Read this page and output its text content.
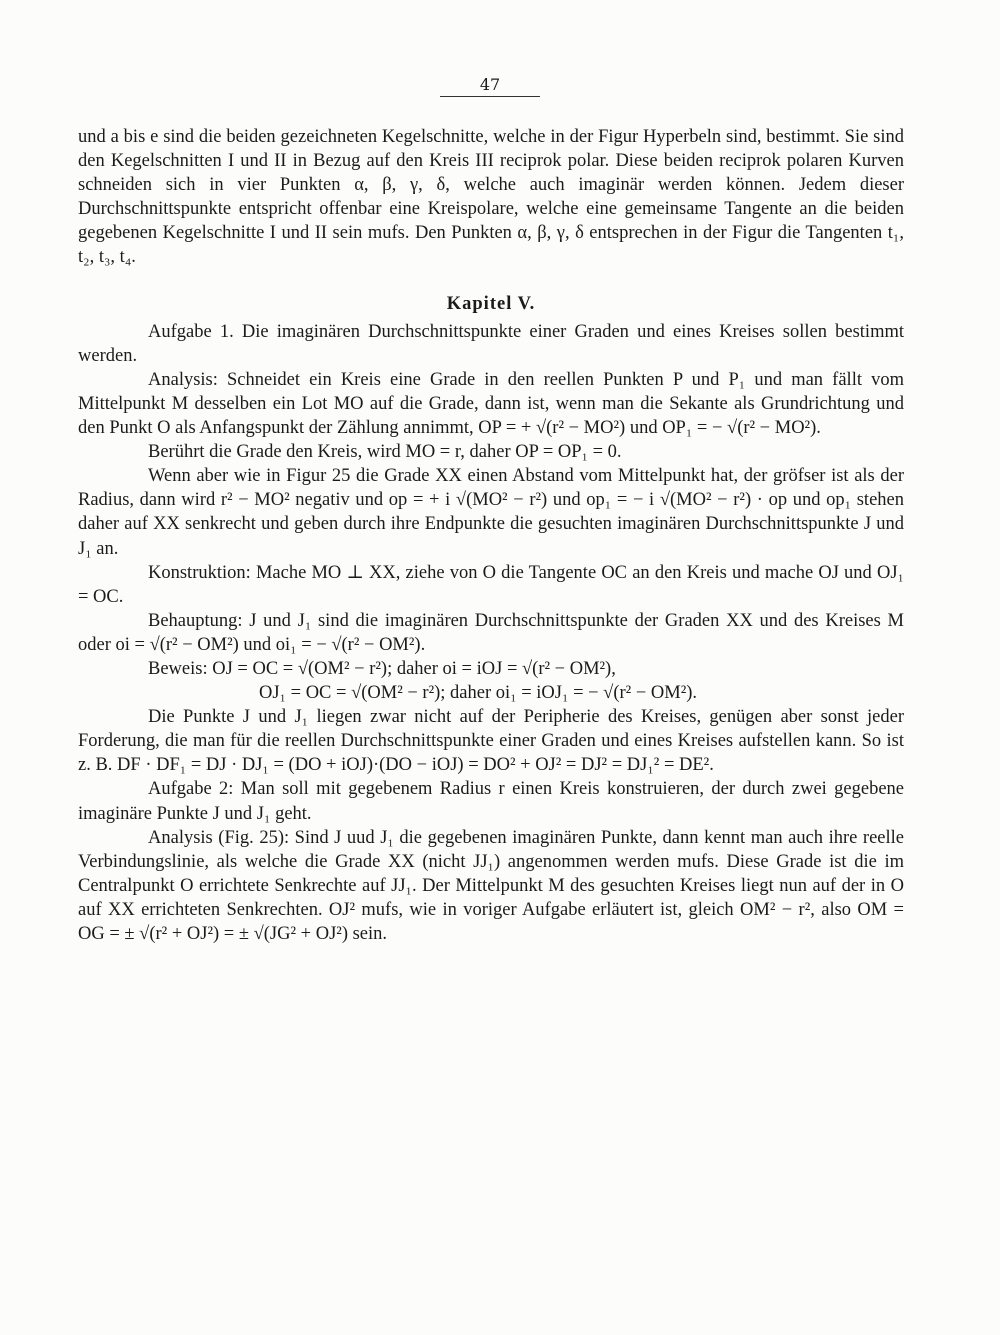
47

und a bis e sind die beiden gezeichneten Kegelschnitte, welche in der Figur Hyperbeln sind, bestimmt. Sie sind den Kegelschnitten I und II in Bezug auf den Kreis III reciprok polar. Diese beiden reciprok polaren Kurven schneiden sich in vier Punkten α, β, γ, δ, welche auch imaginär werden können. Jedem dieser Durchschnittspunkte entspricht offenbar eine Kreispolare, welche eine gemeinsame Tangente an die beiden gegebenen Kegelschnitte I und II sein mufs. Den Punkten α, β, γ, δ entsprechen in der Figur die Tangenten t₁, t₂, t₃, t₄.

Kapitel V.

Aufgabe 1. Die imaginären Durchschnittspunkte einer Graden und eines Kreises sollen bestimmt werden.

Analysis: Schneidet ein Kreis eine Grade in den reellen Punkten P und P₁ und man fällt vom Mittelpunkt M desselben ein Lot MO auf die Grade, dann ist, wenn man die Sekante als Grundrichtung und den Punkt O als Anfangspunkt der Zählung annimmt, OP = + √(r² − MO²) und OP₁ = − √(r² − MO²).

Berührt die Grade den Kreis, wird MO = r, daher OP = OP₁ = 0.

Wenn aber wie in Figur 25 die Grade XX einen Abstand vom Mittelpunkt hat, der gröfser ist als der Radius, dann wird r² − MO² negativ und op = + i √(MO² − r²) und op₁ = − i √(MO² − r²) · op und op₁ stehen daher auf XX senkrecht und geben durch ihre Endpunkte die gesuchten imaginären Durchschnittspunkte J und J₁ an.

Konstruktion: Mache MO ⊥ XX, ziehe von O die Tangente OC an den Kreis und mache OJ und OJ₁ = OC.

Behauptung: J und J₁ sind die imaginären Durchschnittspunkte der Graden XX und des Kreises M oder oi = √(r² − OM²) und oi₁ = − √(r² − OM²).

Beweis: OJ = OC = √(OM² − r²); daher oi = iOJ = √(r² − OM²),

OJ₁ = OC = √(OM² − r²); daher oi₁ = iOJ₁ = − √(r² − OM²).

Die Punkte J und J₁ liegen zwar nicht auf der Peripherie des Kreises, genügen aber sonst jeder Forderung, die man für die reellen Durchschnittspunkte einer Graden und eines Kreises aufstellen kann. So ist z. B. DF · DF₁ = DJ · DJ₁ = (DO + iOJ)·(DO − iOJ) = DO² + OJ² = DJ² = DJ₁² = DE².

Aufgabe 2: Man soll mit gegebenem Radius r einen Kreis konstruieren, der durch zwei gegebene imaginäre Punkte J und J₁ geht.

Analysis (Fig. 25): Sind J uud J₁ die gegebenen imaginären Punkte, dann kennt man auch ihre reelle Verbindungslinie, als welche die Grade XX (nicht JJ₁) angenommen werden mufs. Diese Grade ist die im Centralpunkt O errichtete Senkrechte auf JJ₁. Der Mittelpunkt M des gesuchten Kreises liegt nun auf der in O auf XX errichteten Senkrechten. OJ² mufs, wie in voriger Aufgabe erläutert ist, gleich OM² − r², also OM = OG = ± √(r² + OJ²) = ± √(JG² + OJ²) sein.
